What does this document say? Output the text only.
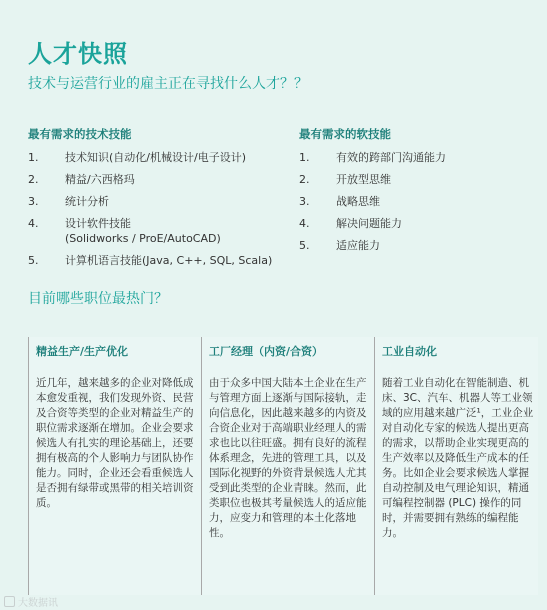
人才快照
技术与运营行业的雇主正在寻找什么人才？？
最有需求的技术技能
1.	技术知识(自动化/机械设计/电子设计)
2.	精益/六西格玛
3.	统计分析
4.	设计软件技能
(Solidworks / ProE/AutoCAD)
5.	计算机语言技能(Java, C++, SQL, Scala)
最有需求的软技能
1.	有效的跨部门沟通能力
2.	开放型思维
3.	战略思维
4.	解决问题能力
5.	适应能力
目前哪些职位最热门？
精益生产/生产优化
近几年，越来越多的企业对降低成本愈发重视，我们发现外资、民营及合资等类型的企业对精益生产的职位需求逐渐在增加。企业会要求候选人有扎实的理论基础上，还要拥有极高的个人影响力与团队协作能力。同时，企业还会看重候选人是否拥有绿带或黑带的相关培训资质。
工厂经理（内资/合资）
由于众多中国大陆本土企业在生产与管理方面上逐渐与国际接轨，走向信息化，因此越来越多的内资及合资企业对于高端职业经理人的需求也比以往旺盛。拥有良好的流程体系理念，先进的管理工具，以及国际化视野的外资背景候选人尤其受到此类型的企业青睐。然而，此类职位也极其考量候选人的适应能力，应变力和管理的本土化落地性。
工业自动化
随着工业自动化在智能制造、机床、3C、汽车、机器人等工业领域的应用越来越广泛¹，工业企业对自动化专家的候选人提出更高的需求，以帮助企业实现更高的生产效率以及降低生产成本的任务。比如企业会要求候选人掌握自动控制及电气理论知识，精通可编程控制器 (PLC) 操作的同时，并需要拥有熟练的编程能力。
大数据讯
